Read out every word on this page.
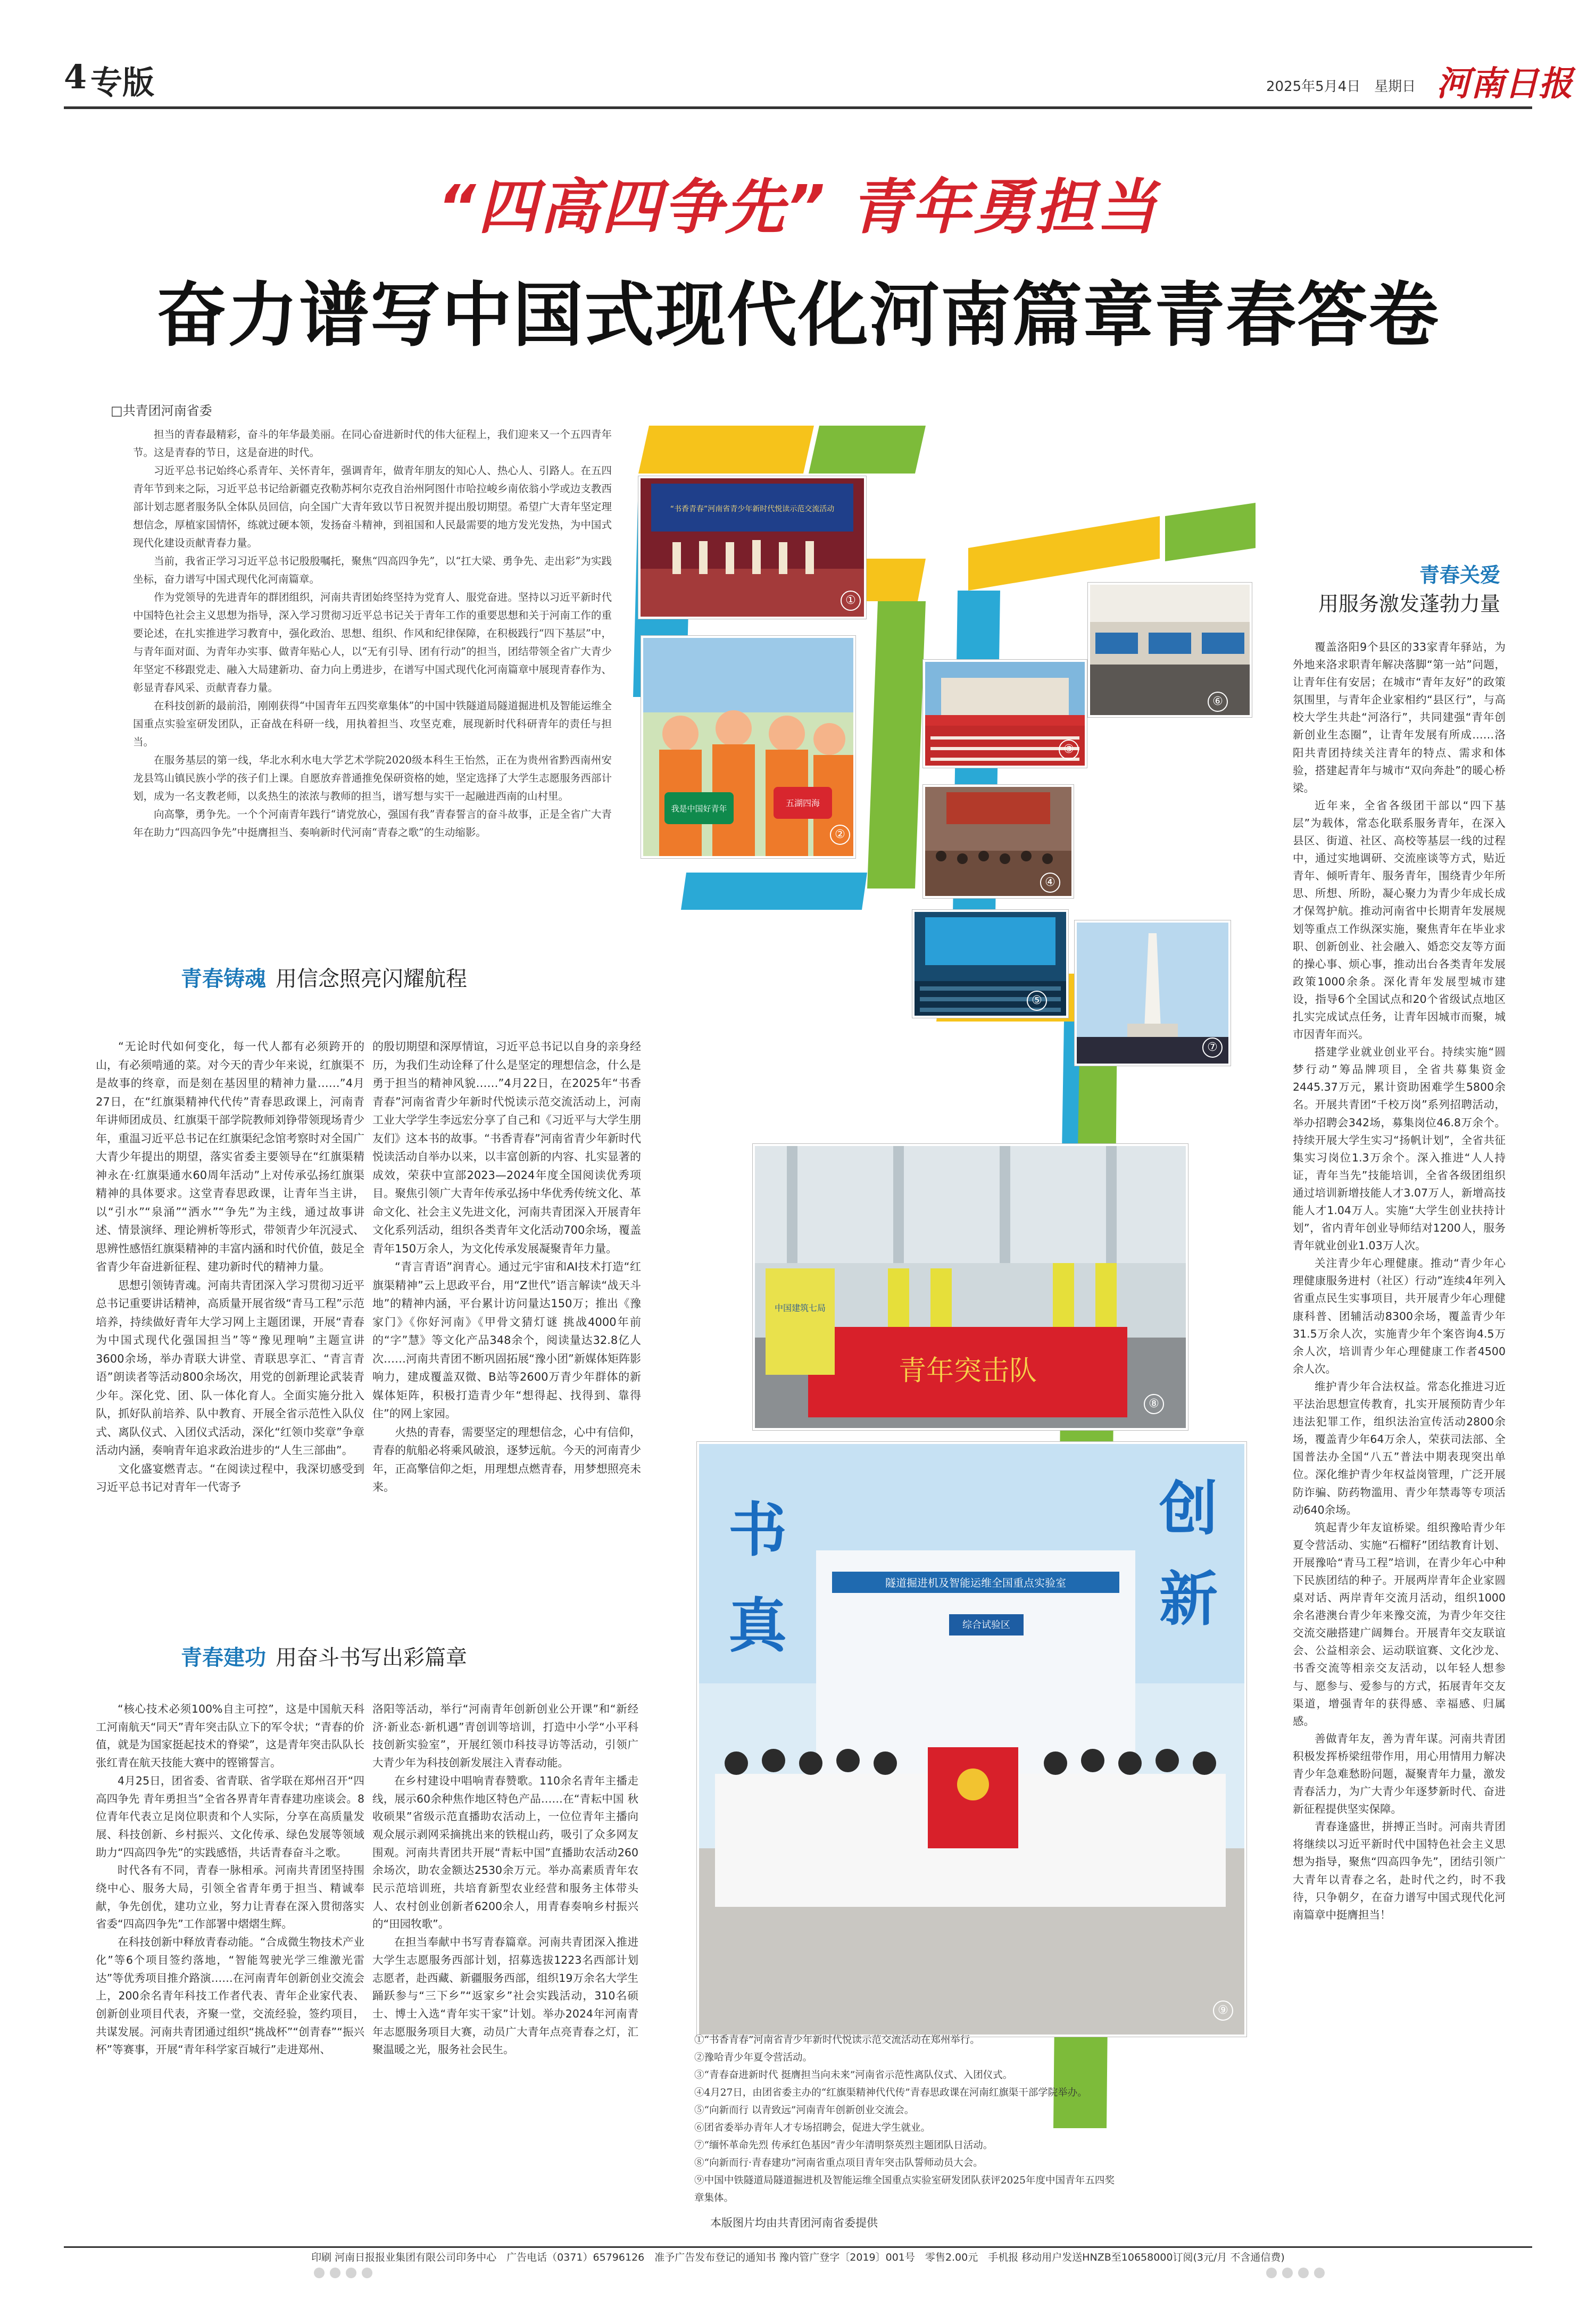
4 专版	2025年5月4日　星期日 河南日报
“四高四争先” 青年勇担当
奋力谱写中国式现代化河南篇章青春答卷
□共青团河南省委

担当的青春最精彩，奋斗的年华最美丽。在同心奋进新时代的伟大征程上，我们迎来又一个五四青年节。这是青春的节日，这是奋进的时代。

习近平总书记始终心系青年、关怀青年，强调青年，做青年朋友的知心人、热心人、引路人。在五四青年节到来之际，习近平总书记给新疆克孜勒苏柯尔克孜自治州阿图什市哈拉峻乡南依翁小学或边支教西部计划志愿者服务队全体队员回信，向全国广大青年致以节日祝贺并提出殷切期望。希望广大青年坚定理想信念，厚植家国情怀，练就过硬本领，发扬奋斗精神，到祖国和人民最需要的地方发光发热，为中国式现代化建设贡献青春力量。

当前，我省正学习习近平总书记殷殷嘱托，聚焦“四高四争先”，以“扛大梁、勇争先、走出彩”为实践坐标，奋力谱写中国式现代化河南篇章。

作为党领导的先进青年的群团组织，河南共青团始终坚持为党育人、服党奋进。坚持以习近平新时代中国特色社会主义思想为指导，深入学习贯彻习近平总书记关于青年工作的重要思想和关于河南工作的重要论述，在扎实推进学习教育中，强化政治、思想、组织、作风和纪律保障，在积极践行“四下基层”中，与青年面对面、为青年办实事、做青年贴心人，以“无有引导、团有行动”的担当，团结带领全省广大青少年坚定不移跟党走、融入大局建新功、奋力向上勇进步，在谱写中国式现代化河南篇章中展现青春作为、彰显青春风采、贡献青春力量。

在科技创新的最前沿，刚刚获得“中国青年五四奖章集体”的中国中铁隧道局隧道掘进机及智能运维全国重点实验室研发团队，正奋战在科研一线，用执着担当、攻坚克难，展现新时代科研青年的责任与担当。

在服务基层的第一线，华北水利水电大学艺术学院2020级本科生王怡然，正在为贵州省黔西南州安龙县笃山镇民族小学的孩子们上课。自愿放弃普通推免保研资格的她，坚定选择了大学生志愿服务西部计划，成为一名支教老师，以炙热生的浓浓与教师的担当，谱写想与实干一起融进西南的山村里。

向高擎，勇争先。一个个河南青年践行“请党放心，强国有我”青春誓言的奋斗故事，正是全省广大青年在助力“四高四争先”中挺膺担当、奏响新时代河南“青春之歌”的生动缩影。

青春铸魂 用信念照亮闪耀航程

“无论时代如何变化，每一代人都有必须跨开的山，有必须啃通的菜。对今天的青少年来说，红旗渠不是故事的终章，而是刻在基因里的精神力量……”4月27日，在“红旗渠精神代代传”青春思政课上，河南青年讲师团成员、红旗渠干部学院教师刘铮带领现场青少年，重温习近平总书记在红旗渠纪念馆考察时对全国广大青少年提出的期望，落实省委主要领导在“红旗渠精神永在·红旗渠通水60周年活动”上对传承弘扬红旗渠精神的具体要求。这堂青春思政课，让青年当主讲，以“引水”“泉涌”“洒水”“争先”为主线，通过故事讲述、情景演绎、理论辨析等形式，带领青少年沉浸式、思辨性感悟红旗渠精神的丰富内涵和时代价值，鼓足全省青少年奋进新征程、建功新时代的精神力量。

思想引领铸青魂。河南共青团深入学习贯彻习近平总书记重要讲话精神，高质量开展省级“青马工程”示范培养，持续做好青年大学习网上主题团课，开展“青春为中国式现代化强国担当”等“豫见理响”主题宣讲3600余场，举办青联大讲堂、青联思享汇、“青言青语”朗读者等活动800余场次，用党的创新理论武装青少年。深化党、团、队一体化育人。全面实施分批入队，抓好队前培养、队中教育、开展全省示范性入队仪式、离队仪式、入团仪式活动，深化“红领巾奖章”争章活动内涵，奏响青年追求政治进步的“人生三部曲”。

文化盛宴燃青志。“在阅读过程中，我深切感受到习近平总书记对青年一代寄予

的殷切期望和深厚情谊，习近平总书记以自身的亲身经历，为我们生动诠释了什么是坚定的理想信念，什么是勇于担当的精神风貌……”4月22日，在2025年“书香青春”河南省青少年新时代悦读示范交流活动上，河南工业大学学生李远宏分享了自己和《习近平与大学生朋友们》这本书的故事。“书香青春”河南省青少年新时代悦读活动自举办以来，以丰富创新的内容、扎实显著的成效，荣获中宣部2023—2024年度全国阅读优秀项目。聚焦引领广大青年传承弘扬中华优秀传统文化、革命文化、社会主义先进文化，河南共青团深入开展青年文化系列活动，组织各类青年文化活动700余场，覆盖青年150万余人，为文化传承发展凝聚青年力量。

“青言青语”润青心。通过元宇宙和AI技术打造“红旗渠精神”云上思政平台，用“Z世代”语言解读“战天斗地”的精神内涵，平台累计访问量达150万；推出《豫家门》《你好河南》《甲骨文猜灯谜 挑战4000年前的“字”慧》等文化产品348余个，阅读量达32.8亿人次……河南共青团不断巩固拓展“豫小团”新媒体矩阵影响力，建成覆盖双微、B站等2600万青少年群体的新媒体矩阵，积极打造青少年“想得起、找得到、靠得住”的网上家园。

火热的青春，需要坚定的理想信念，心中有信仰，青春的航船必将乘风破浪，逐梦远航。今天的河南青少年，正高擎信仰之炬，用理想点燃青春，用梦想照亮未来。

青春建功 用奋斗书写出彩篇章

“核心技术必须100%自主可控”，这是中国航天科工河南航天“同天”青年突击队立下的军令状；“青春的价值，就是为国家挺起技术的脊梁”，这是青年突击队队长张红青在航天技能大赛中的铿锵誓言。

4月25日，团省委、省青联、省学联在郑州召开“四高四争先 青年勇担当”全省各界青年青春建功座谈会。8位青年代表立足岗位职责和个人实际，分享在高质量发展、科技创新、乡村振兴、文化传承、绿色发展等领域助力“四高四争先”的实践感悟，共话青春奋斗之歌。

时代各有不同，青春一脉相承。河南共青团坚持围绕中心、服务大局，引领全省青年勇于担当、精诚奉献，争先创优，建功立业，努力让青春在深入贯彻落实省委“四高四争先”工作部署中熠熠生辉。

在科技创新中释放青春动能。“合成微生物技术产业化”等6个项目签约落地，“智能驾驶光学三维激光雷达”等优秀项目推介路演……在河南青年创新创业交流会上，200余名青年科技工作者代表、青年企业家代表、创新创业项目代表，齐聚一堂，交流经验，签约项目，共谋发展。河南共青团通过组织“挑战杯”“创青春”“振兴杯”等赛事，开展“青年科学家百城行”走进郑州、

洛阳等活动，举行“河南青年创新创业公开课”和“新经济·新业态·新机遇”青创训等培训，打造中小学“小平科技创新实验室”，开展红领巾科技寻访等活动，引领广大青少年为科技创新发展注入青春动能。

在乡村建设中唱响青春赞歌。110余名青年主播走线，展示60余种焦作地区特色产品……在“青耘中国 秋收硕果”省级示范直播助农活动上，一位位青年主播向观众展示剥网采摘挑出来的铁棍山药，吸引了众多网友围观。河南共青团共开展“青耘中国”直播助农活动260余场次，助农金额达2530余万元。举办高素质青年农民示范培训班，共培育新型农业经营和服务主体带头人、农村创业创新者6200余人，用青春奏响乡村振兴的“田园牧歌”。

在担当奉献中书写青春篇章。河南共青团深入推进大学生志愿服务西部计划，招募选拔1223名西部计划志愿者，赴西藏、新疆服务西部，组织19万余名大学生踊跃参与“三下乡”“返家乡”社会实践活动，310名硕士、博士入选“青年实干家”计划。举办2024年河南青年志愿服务项目大赛，动员广大青年点亮青春之灯，汇聚温暖之光，服务社会民生。

青春关爱
用服务激发蓬勃力量

覆盖洛阳9个县区的33家青年驿站，为外地来洛求职青年解决落脚“第一站”问题，让青年住有安居；在城市“青年友好”的政策氛围里，与青年企业家相约“县区行”，与高校大学生共赴“河洛行”，共同建强“青年创新创业生态圈”，让青年发展有所成……洛阳共青团持续关注青年的特点、需求和体验，搭建起青年与城市“双向奔赴”的暖心桥梁。

近年来，全省各级团干部以“四下基层”为载体，常态化联系服务青年，在深入县区、街道、社区、高校等基层一线的过程中，通过实地调研、交流座谈等方式，贴近青年、倾听青年、服务青年，围绕青少年所思、所想、所盼，凝心聚力为青少年成长成才保驾护航。推动河南省中长期青年发展规划等重点工作纵深实施，聚焦青年在毕业求职、创新创业、社会融入、婚恋交友等方面的操心事、烦心事，推动出台各类青年发展政策1000余条。深化青年发展型城市建设，指导6个全国试点和20个省级试点地区扎实完成试点任务，让青年因城市而聚，城市因青年而兴。

搭建学业就业创业平台。持续实施“圆梦行动”筹品牌项目，全省共募集资金2445.37万元，累计资助困难学生5800余名。开展共青团“千校万岗”系列招聘活动，举办招聘会342场，募集岗位46.8万余个。持续开展大学生实习“扬帆计划”，全省共征集实习岗位1.3万余个。深入推进“人人持证，青年当先”技能培训，全省各级团组织通过培训新增技能人才3.07万人，新增高技能人才1.04万人。实施“大学生创业扶持计划”，省内青年创业导师结对1200人，服务青年就业创业1.03万人次。

关注青少年心理健康。推动“青少年心理健康服务进村（社区）行动”连续4年列入省重点民生实事项目，共开展青少年心理健康科普、团辅活动8300余场，覆盖青少年31.5万余人次，实施青少年个案咨询4.5万余人次，培训青少年心理健康工作者4500余人次。

维护青少年合法权益。常态化推进习近平法治思想宣传教育，扎实开展预防青少年违法犯罪工作，组织法治宣传活动2800余场，覆盖青少年64万余人，荣获司法部、全国普法办全国“八五”普法中期表现突出单位。深化维护青少年权益岗管理，广泛开展防诈骗、防药物滥用、青少年禁毒等专项活动640余场。

筑起青少年友谊桥梁。组织豫哈青少年夏令营活动、实施“石榴籽”团结教育计划、开展豫哈“青马工程”培训，在青少年心中种下民族团结的种子。开展两岸青年企业家圆桌对话、两岸青年交流月活动，组织1000余名港澳台青少年来豫交流，为青少年交往交流交融搭建广阔舞台。开展青年交友联谊会、公益相亲会、运动联谊赛、文化沙龙、书香交流等相亲交友活动，以年轻人想参与、愿参与、爱参与的方式，拓展青年交友渠道，增强青年的获得感、幸福感、归属感。

善做青年友，善为青年谋。河南共青团积极发挥桥梁纽带作用，用心用情用力解决青少年急难愁盼问题，凝聚青年力量，激发青春活力，为广大青少年逐梦新时代、奋进新征程提供坚实保障。

青春逢盛世，拼搏正当时。河南共青团将继续以习近平新时代中国特色社会主义思想为指导，聚焦“四高四争先”，团结引领广大青年以青春之名，赴时代之约，时不我待，只争朝夕，在奋力谱写中国式现代化河南篇章中挺膺担当！

“书香青春”河南省青少年新时代悦读示范交流活动
①
我是中国好青年
五湖四海
②
③
④
⑤
⑥
⑦
青年突击队
中国建筑七局
⑧
隧道掘进机及智能运维全国重点实验室
综合试验区
书
真
创
新
⑨

①“书香青春”河南省青少年新时代悦读示范交流活动在郑州举行。

②豫哈青少年夏令营活动。

③“青春奋进新时代 挺膺担当向未来”河南省示范性离队仪式、入团仪式。

④4月27日，由团省委主办的“红旗渠精神代代传”青春思政课在河南红旗渠干部学院举办。

⑤“向新而行 以青致远”河南青年创新创业交流会。

⑥团省委举办青年人才专场招聘会，促进大学生就业。

⑦“缅怀革命先烈 传承红色基因”青少年清明祭英烈主题团队日活动。

⑧“向新而行·青春建功”河南省重点项目青年突击队誓师动员大会。

⑨中国中铁隧道局隧道掘进机及智能运维全国重点实验室研发团队获评2025年度中国青年五四奖章集体。

本版图片均由共青团河南省委提供
印刷 河南日报报业集团有限公司印务中心　广告电话（0371）65796126　准予广告发布登记的通知书 豫内管广登字〔2019〕001号　零售2.00元　手机报 移动用户发送HNZB至10658000订阅(3元/月 不含通信费)
